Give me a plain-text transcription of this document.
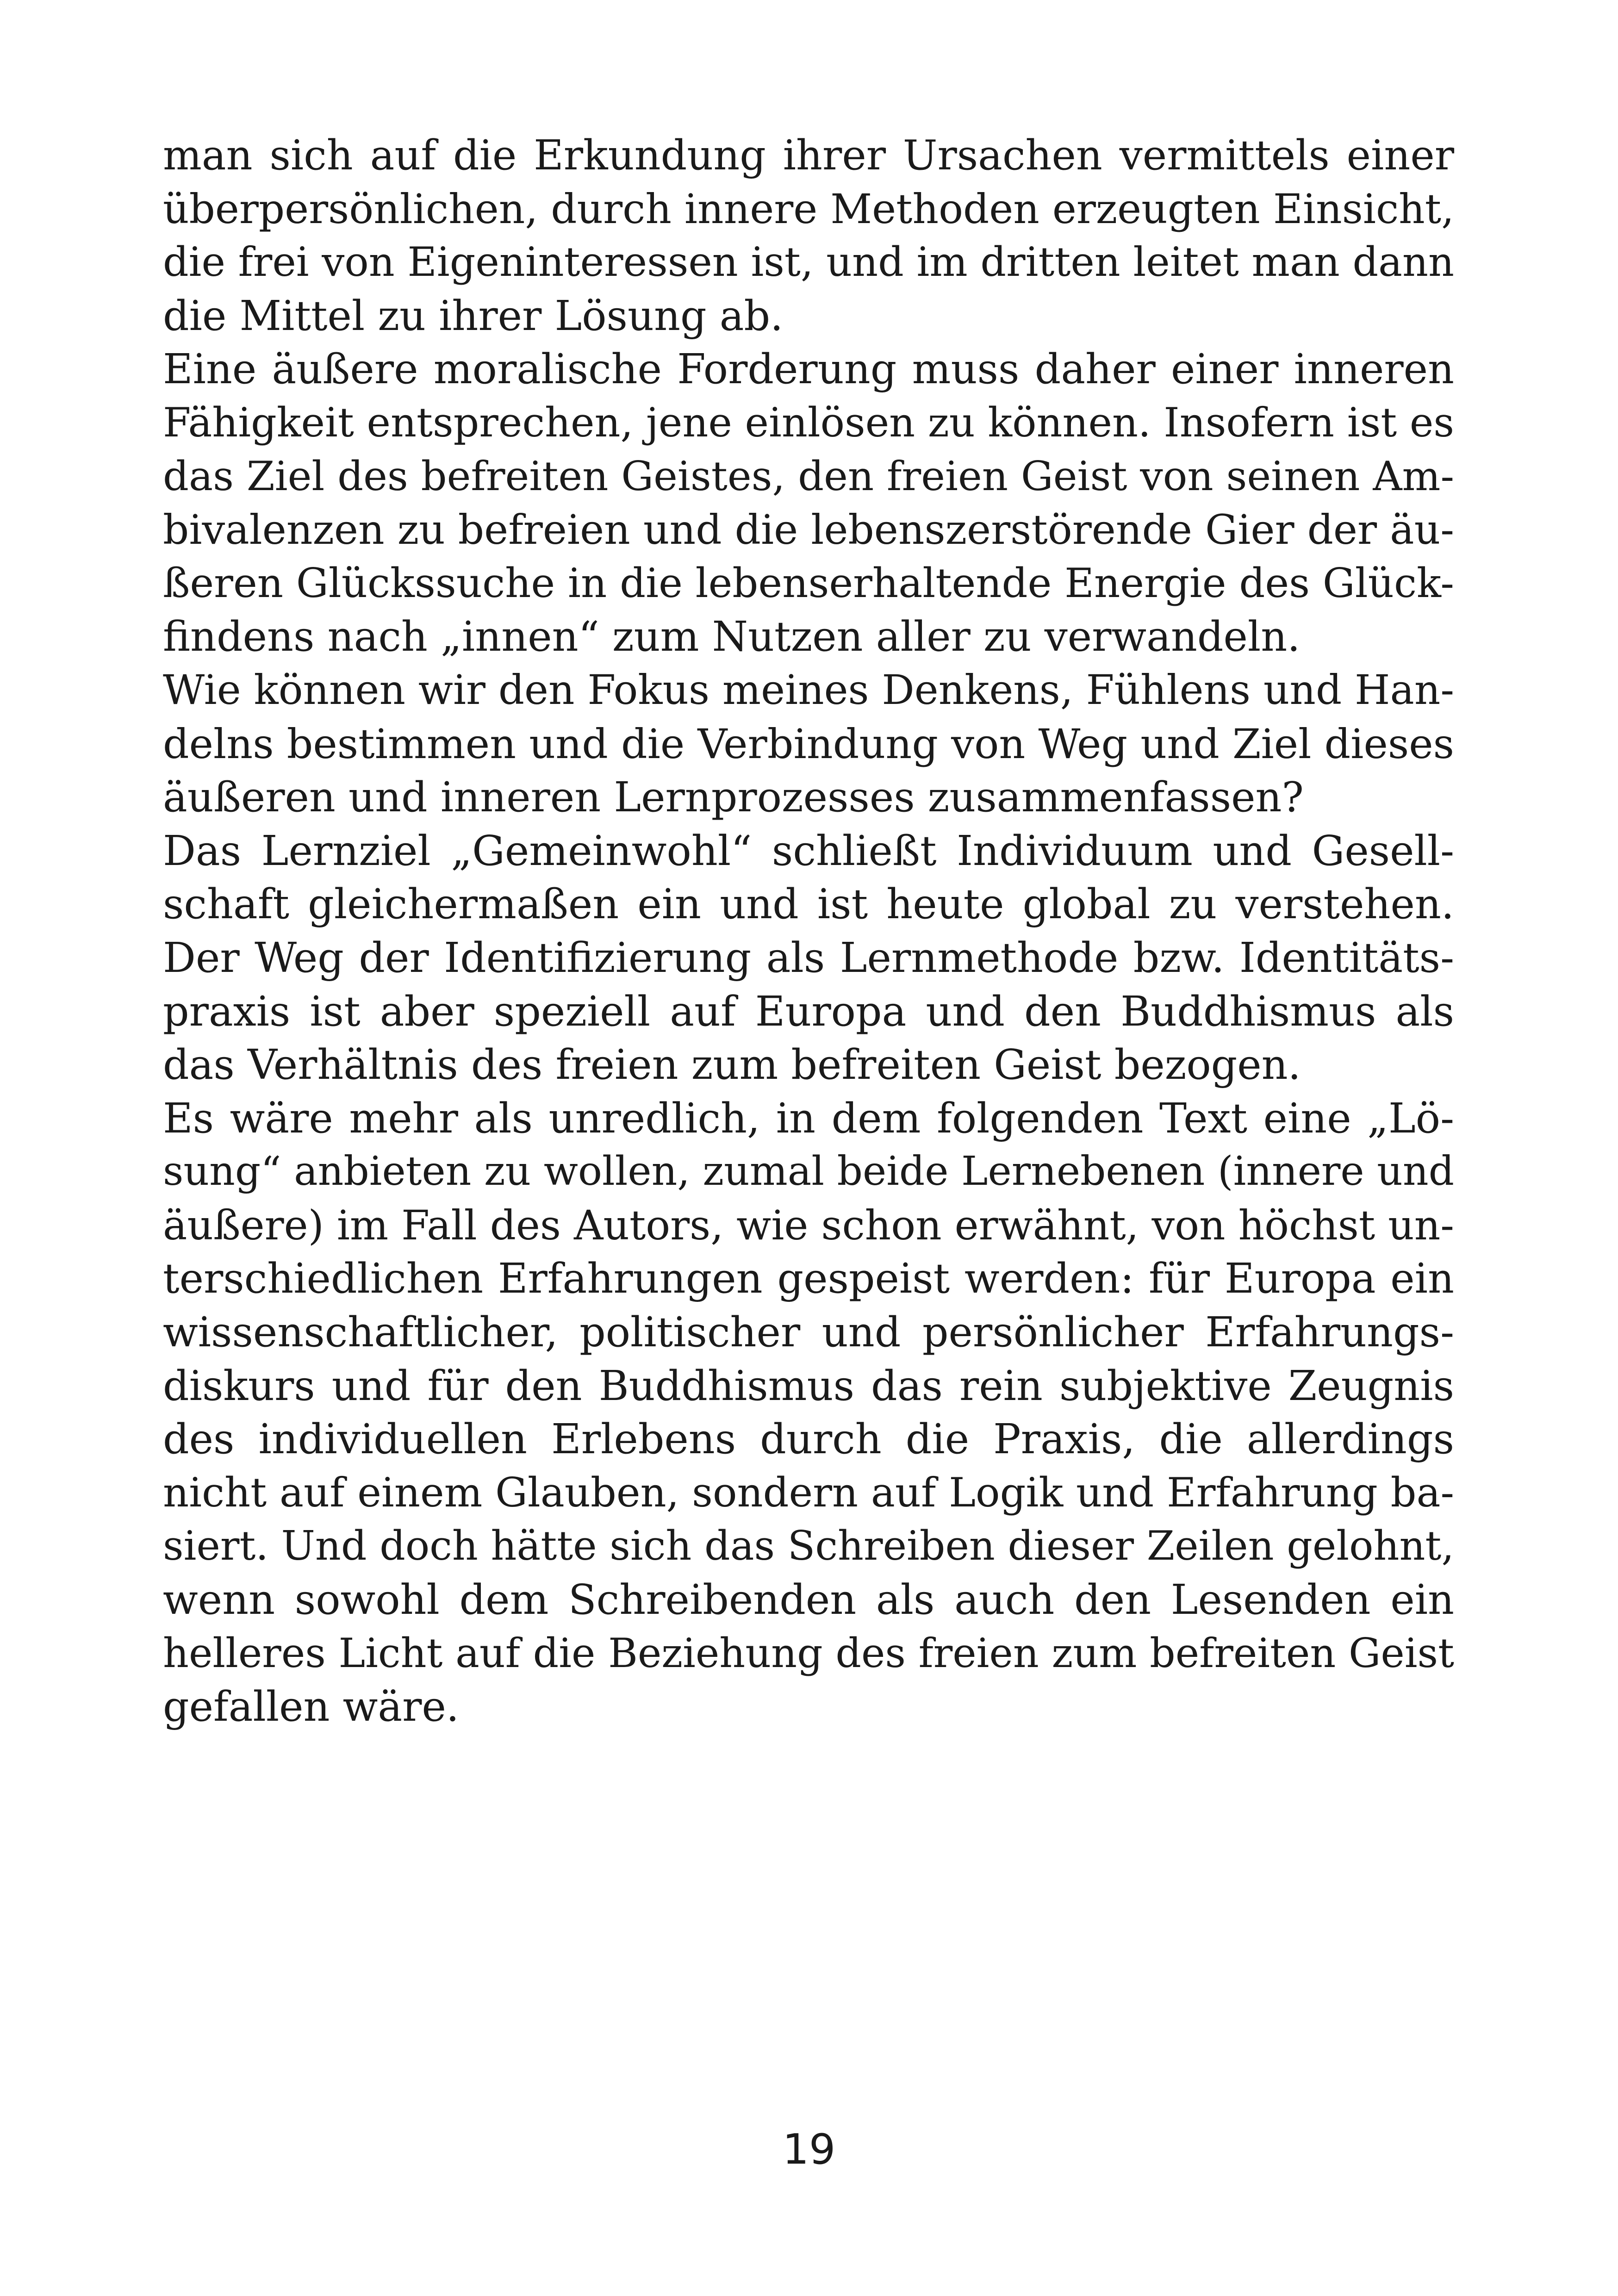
man sich auf die Erkundung ihrer Ursachen vermittels einer
überpersönlichen, durch innere Methoden erzeugten Einsicht,
die frei von Eigeninteressen ist, und im dritten leitet man dann
die Mittel zu ihrer Lösung ab.
Eine äußere moralische Forderung muss daher einer inneren
Fähigkeit entsprechen, jene einlösen zu können. Insofern ist es
das Ziel des befreiten Geistes, den freien Geist von seinen Am-
bivalenzen zu befreien und die lebenszerstörende Gier der äu-
ßeren Glückssuche in die lebenserhaltende Energie des Glück-
findens nach „innen“ zum Nutzen aller zu verwandeln.
Wie können wir den Fokus meines Denkens, Fühlens und Han-
delns bestimmen und die Verbindung von Weg und Ziel dieses
äußeren und inneren Lernprozesses zusammenfassen?
Das Lernziel „Gemeinwohl“ schließt Individuum und Gesell-
schaft gleichermaßen ein und ist heute global zu verstehen.
Der Weg der Identifizierung als Lernmethode bzw. Identitäts-
praxis ist aber speziell auf Europa und den Buddhismus als
das Verhältnis des freien zum befreiten Geist bezogen.
Es wäre mehr als unredlich, in dem folgenden Text eine „Lö-
sung“ anbieten zu wollen, zumal beide Lernebenen (innere und
äußere) im Fall des Autors, wie schon erwähnt, von höchst un-
terschiedlichen Erfahrungen gespeist werden: für Europa ein
wissenschaftlicher, politischer und persönlicher Erfahrungs-
diskurs und für den Buddhismus das rein subjektive Zeugnis
des individuellen Erlebens durch die Praxis, die allerdings
nicht auf einem Glauben, sondern auf Logik und Erfahrung ba-
siert. Und doch hätte sich das Schreiben dieser Zeilen gelohnt,
wenn sowohl dem Schreibenden als auch den Lesenden ein
helleres Licht auf die Beziehung des freien zum befreiten Geist
gefallen wäre.
19
